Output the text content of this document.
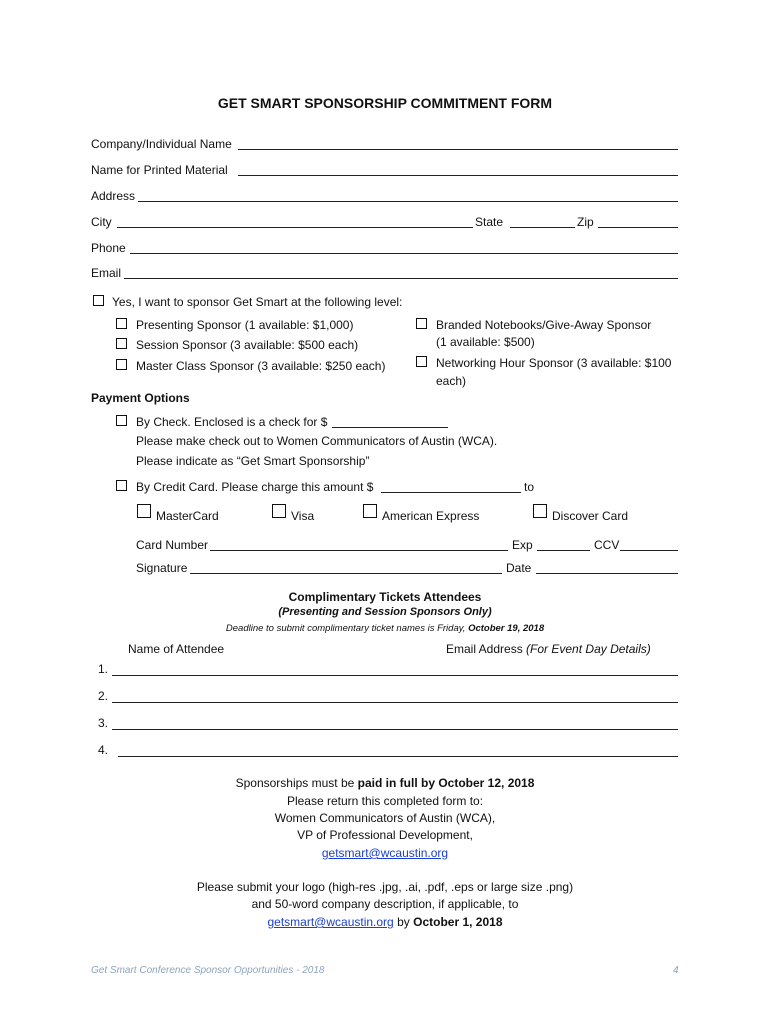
GET SMART SPONSORSHIP COMMITMENT FORM
Company/Individual Name
Name for Printed Material
Address
City	State	Zip
Phone
Email
Yes, I want to sponsor Get Smart at the following level:
Presenting Sponsor (1 available: $1,000)
Session Sponsor (3 available: $500 each)
Master Class Sponsor (3 available: $250 each)
Branded Notebooks/Give-Away Sponsor
(1 available: $500)
Networking Hour Sponsor (3 available: $100
each)
Payment Options
By Check. Enclosed is a check for $
Please make check out to Women Communicators of Austin (WCA).
Please indicate as “Get Smart Sponsorship”
By Credit Card. Please charge this amount $	to
MasterCard	Visa	American Express	Discover Card
Card Number	Exp	CCV
Signature	Date
Complimentary Tickets Attendees
(Presenting and Session Sponsors Only)
Deadline to submit complimentary ticket names is Friday, October 19, 2018
Name of Attendee	Email Address (For Event Day Details)
1.
2.
3.
4.
Sponsorships must be paid in full by October 12, 2018
Please return this completed form to:
Women Communicators of Austin (WCA),
VP of Professional Development,
getsmart@wcaustin.org
Please submit your logo (high-res .jpg, .ai, .pdf, .eps or large size .png)
and 50-word company description, if applicable, to
getsmart@wcaustin.org by October 1, 2018
Get Smart Conference Sponsor Opportunities - 2018	4
